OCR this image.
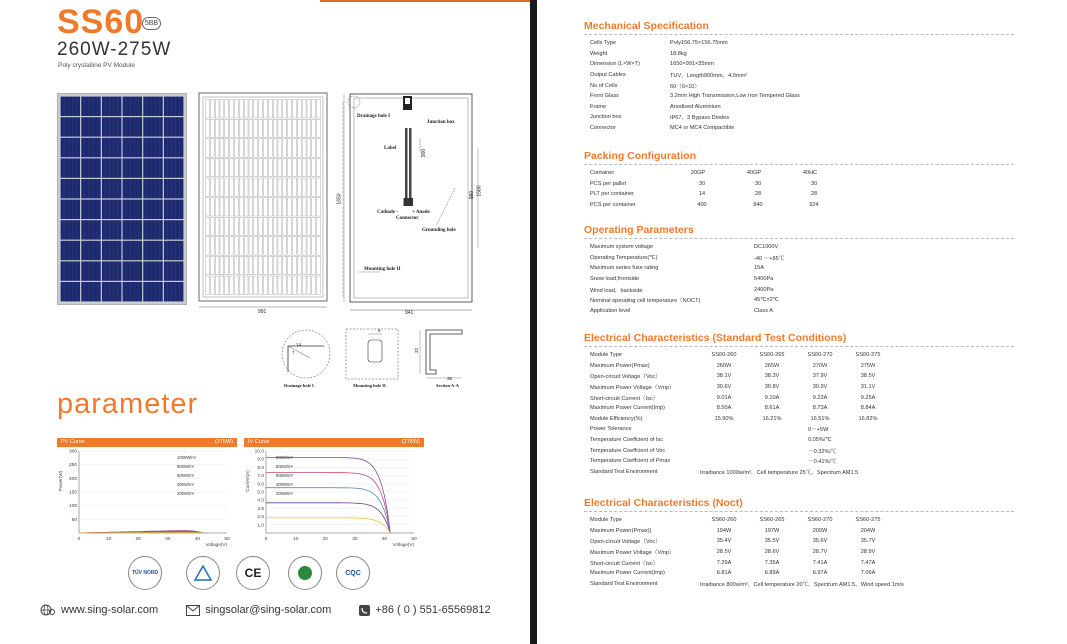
SS60 5BB
260W-275W
Poly crystalline PV Module
991
Drainage hole I
Junction box
Label
900
1650
1580
860
Cathode -	+ Anode
Connector
Grounding hole
Mounting hole II
941
14
7
Drainage hole I
9
Mounting hole II
32
35
Section A-A
parameter
PV Curve	(275W)
300
250
200
150
100
50
0	10	20	30	40	50
Voltage(V)
Power(W)
1000W/m²
800W/m²
600W/m²
400W/m²
200W/m²
IV Curve	(275W)
10.0
9.0
8.0
7.0
6.0
5.0
4.0
3.0
2.0
1.0
0	10	20	30	40	50
Voltage(V)
Current(A)
800W/m²
800W/m²
600W/m²
400W/m²
200W/m²
TÜV NORD	CE	CQC
www.sing-solar.com	singsolar@sing-solar.com	+86 ( 0 ) 551-65569812
Mechanical Specification
Cells Type	Poly156.75×156.75mm
Weight	18.8kg
Dimension (L×W×T)	1650×991×35mm
Output Cables	TUV，Length900mm，4.0mm²
No.of Cells	60（6×10）
Front Glass	3.2mm High Transmission,Low Iron Tempered Glass
Frame	Anodised Aluminium
Junction box	IP67，3 Bypass Diodes
Connector	MC4 or MC4 Compactible
Packing Configuration
Container	20GP	40GP	40HC
PCS per pallet	30	30	30
PLT per container	14	28	28
PCS per container	400	840	924
Operating Parameters
Maximum system voltage	DC1000V
Operating Temperature(℃)	-40 ～+85℃
Maximum series fuse rating	15A
Snow load,frontside	5400Pa
Wind load，backside	2400Pa
Nominal operating cell temperature（NOCT)	45℃±2℃
Application level	Class A
Electrical Characteristics (Standard Test Conditions)
Module Type	SS60-260	SS60-265	SS60-270	SS60-275
Maximum Power(Pmax)	260W	265W	270W	275W
Open-circuit Voltage（Voc）	38.1V	38.3V	37.9V	38.5V
Maximum Power Voltage（Vmp）	30.6V	30.8V	30.9V	31.1V
Short-circuit Current（Isc）	9.01A	9.10A	9.22A	9.25A
Maximum Power Current(Imp)	8.50A	8.61A	8.73A	8.84A
Module Efficiency(%)	15.90%	16.21%	16.51%	16.82%
Power Tolerance	0～+5W
Temperature Coeffcient of Isc	0.05%/℃
Temperature Coeffcient of Voc	－0.32%/℃
Temperature Coeffcient of Pmax	－0.41%/℃
Standard Test Environment	Irradiance 1000w/m²，Cell temperature 25℃，Spectrum AM1.5
Electrical Characteristics (Noct)
Module Type	SS60-260	SS60-265	SS60-270	SS60-275
Maximum Power(Pmax))	194W	197W	200W	204W
Open-circuit Voltage（Voc）	35.4V	35.5V	35.6V	35.7V
Maximum Power Voltage（Vmp）	28.5V	28.6V	28.7V	28.9V
Short-circuit Current（Isc）	7.29A	7.35A	7.41A	7.47A
Maximum Power Current(Imp)	6.81A	6.89A	6.97A	7.06A
Standard Test Environment	Irradiance 800w/m²，Cell temperature 20℃，Spectrum AM1.5，Wind speed 1m/s
